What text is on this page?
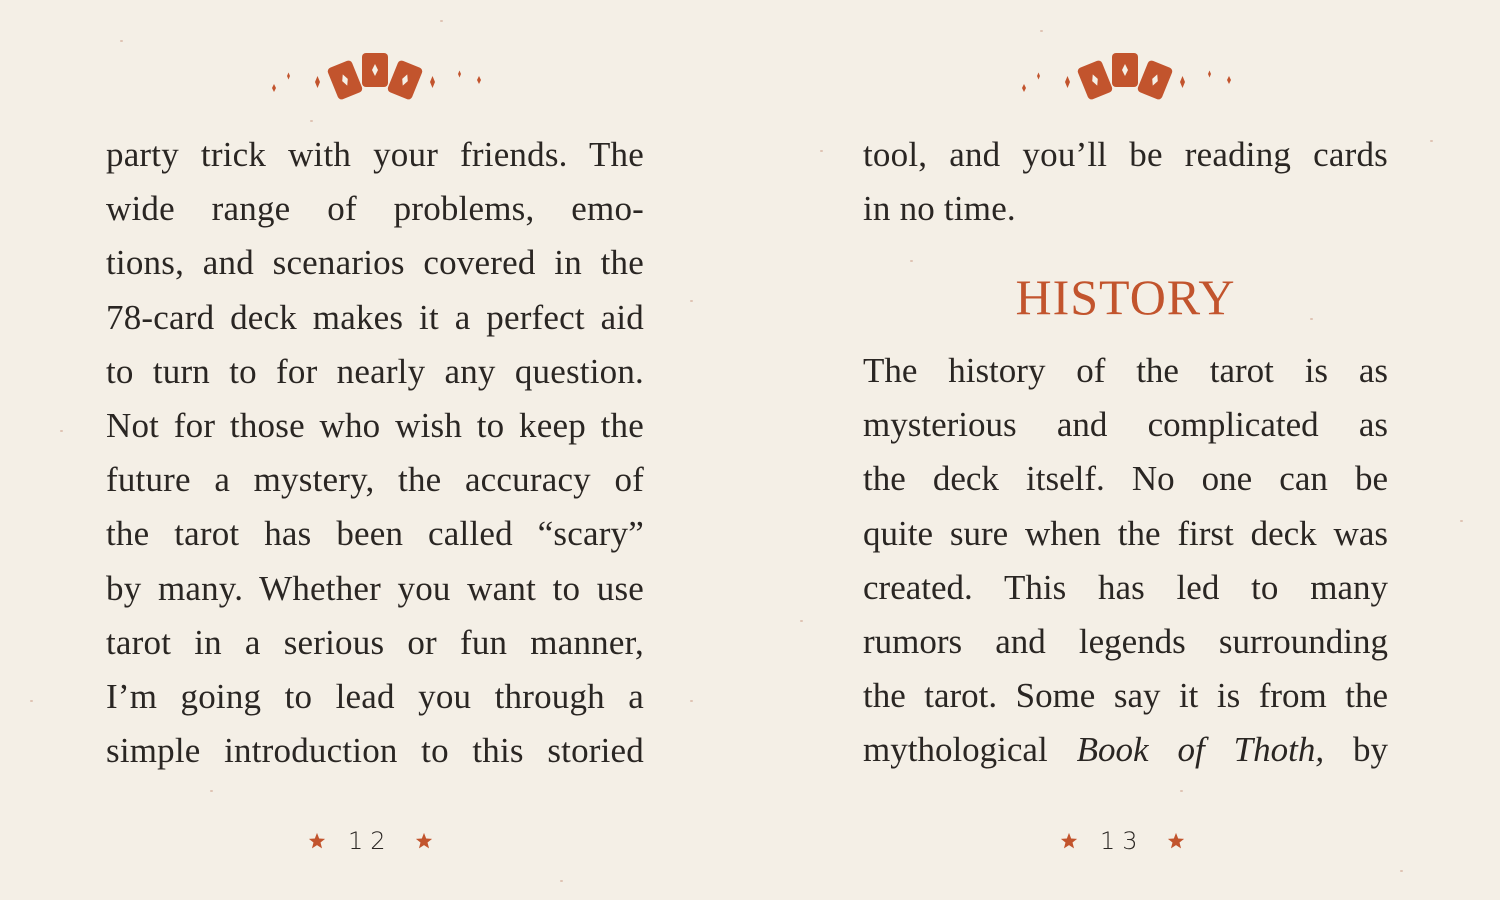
party trick with your friends. The
wide range of problems, emo-
tions, and scenarios covered in the
78-card deck makes it a perfect aid
to turn to for nearly any question.
Not for those who wish to keep the
future a mystery, the accuracy of
the tarot has been called “scary”
by many. Whether you want to use
tarot in a serious or fun manner,
I’m going to lead you through a
simple introduction to this storied
12
tool, and you’ll be reading cards
in no time.
HISTORY
The history of the tarot is as
mysterious and complicated as
the deck itself. No one can be
quite sure when the first deck was
created. This has led to many
rumors and legends surrounding
the tarot. Some say it is from the
mythological Book of Thoth, by
13
